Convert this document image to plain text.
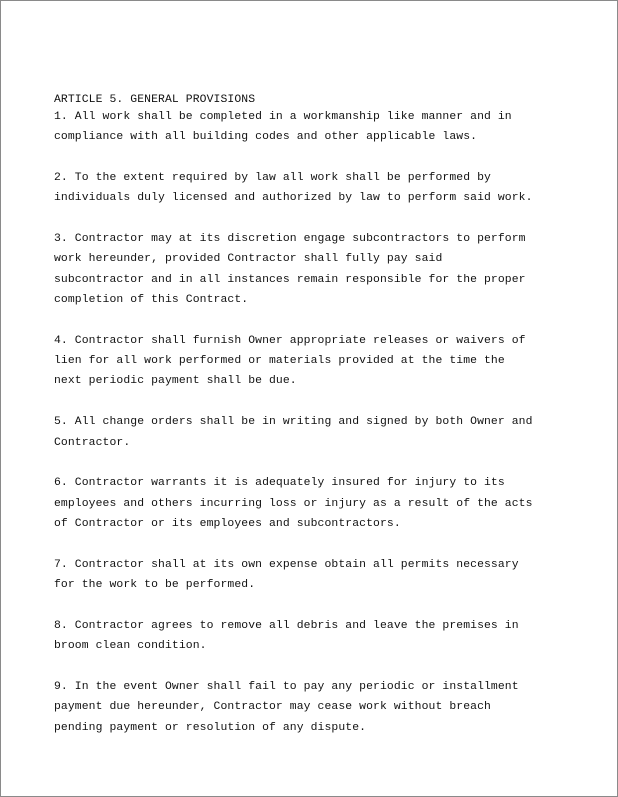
ARTICLE 5. GENERAL PROVISIONS

1. All work shall be completed in a workmanship like manner and in
compliance with all building codes and other applicable laws.

2. To the extent required by law all work shall be performed by
individuals duly licensed and authorized by law to perform said work.

3. Contractor may at its discretion engage subcontractors to perform
work hereunder, provided Contractor shall fully pay said
subcontractor and in all instances remain responsible for the proper
completion of this Contract.

4. Contractor shall furnish Owner appropriate releases or waivers of
lien for all work performed or materials provided at the time the
next periodic payment shall be due.

5. All change orders shall be in writing and signed by both Owner and
Contractor.

6. Contractor warrants it is adequately insured for injury to its
employees and others incurring loss or injury as a result of the acts
of Contractor or its employees and subcontractors.

7. Contractor shall at its own expense obtain all permits necessary
for the work to be performed.

8. Contractor agrees to remove all debris and leave the premises in
broom clean condition.

9. In the event Owner shall fail to pay any periodic or installment
payment due hereunder, Contractor may cease work without breach
pending payment or resolution of any dispute.
